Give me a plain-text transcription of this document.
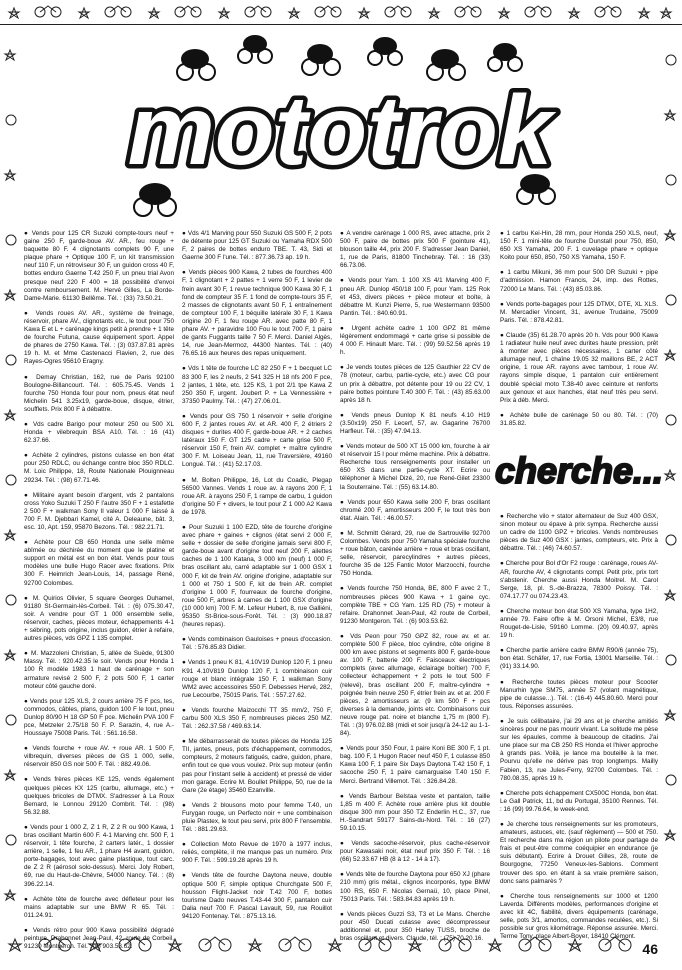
mototrok

● Vends pour 125 CR Suzuki compte-tours neuf + gaine 250 F, garde-boue AV. AR., feu rouge + baquette 80 F. 4 clignotants complets 90 F, une plaque phare + Optique 100 F, un kit transmission neuf 110 F, un rétroviseur 30 F, un guidon cross 40 F, bottes enduro Gaerne T.42 250 F, un pneu trial Avon presque neuf 220 F 400 = 18 possibilité d'envoi contre remboursement. M. Hervé Gilles, La Borde-Dame-Marie. 61130 Bellême. Tél. : (33) 73.50.21.

● Vends roues AV. AR., système de freinage, réservoir, phare AV., clignotants etc., le tout pour 750 Kawa E et L + carénage kings petit à prendre + 1 tête de fourche Futuna, cause équipement sport. Appel de phares de 2750 Kawa. Tél. : (3) 037.87.81 après 19 h. M. et Mme Castenacci Flavien, 2, rue des Rayes-Ogres 95610 Eragny.

● Demay Christian, 162, rue de Paris 92100 Boulogne-Billancourt. Tél. : 605.75.45. Vends 1 fourche 750 Honda four pour nom, pneus état neuf Michelin 541 3.25x19, garde-boue, disque, étrier, soufflets. Prix 800 F à débattre.

● Vds cadre Barigo pour moteur 250 ou 500 XL Honda + vilebrequin BSA A10. Tél. : 16 (41) 62.37.66.

● Achète 2 cylindres, pistons culasse en bon état pour 250 RDLC, ou échange contre bloc 350 RDLC. M. Loic Philippe, 18, Route Nationale Plouignneau 29234. Tél. : (98) 67.71.46.

● Militaire ayant besoin d'argent, vds 2 pantalons cross Yoko Suzuki T 250 F l'autre 350 F + 1 estafette 2 500 F + walkman Sony II valeur 1 000 F laissé à 700 F. M. Djebbari Kamel, cité A. Deleaune, bât. 3, esc. 10, Apt. 159, 95870 Bezons. Tél. : 982.21.71.

● Achète pour CB 650 Honda une selle même abîmée ou déchirée du moment que le platine et support en métal est en bon état. Vends pour tous modèles une bulle Hugo Racer avec fixations. Prix 300 F. Heimrich Jean-Louis, 14, passage René, 92700 Colombes.

● M. Quirios Olivier, 5 square Georges Duhamel, 91180 St-Germain-lès-Corbeil. Tél. : (6) 075.30.47, soir. A vendre pour GT 1 000 ensemble selle, réservoir, caches, pièces moteur, échappements 4-1 + sébring, pots origine, inclus guidon, étrier à refaire, autres pièces, vds GPZ 1 135 complet.

● M. Mazzoleni Christian, 5, allée de Suède, 91300 Massy. Tél. : 920.42.35 le soir. Vends pour Honda 1 100 R modèle 1983 1 haut de carénage + son armature revisé 2 500 F, 2 pots 500 F, 1 carter moteur côté gauche doré.

● Vends pour 125 XLS, 2 cours arrière 75 F pcs, tes, commodos, câbles, plans, guidon 100 F le tout, pneu Dunlop 80/90 H 18 GP 50 F pce. Michelin PVA 100 F pce, Metzeler 2.75/18 50 F. P. Sarazin, 4, rue A.-Houssaye 75008 Paris. Tél. : 561.16.58.

● Vends fourche + roue AV. + roue AR. 1 500 F, vilbrequin, diverses pièces de GS 1 000, selle, réservoir 850 GS noir 500 F. Tél. : 882.49.06.

● Vends frères pièces KE 125, vends également quelques pièces KX 125 (carbu, allumage, etc.) + quelques bricoles de DTMX. S'adresser à La Roux Bernard, le Lonnou 29120 Combrit. Tél. : (98) 56.32.88.

● Vends pour 1 000 Z, Z 1 R, Z 2 R ou 900 Kawa, 1 bras oscillant Martin 600 F. 4-1 Marving chr. 500 F, 1 réservoir, 1 tête fourche, 2 carters latér., 1 dossier arrière, 1 selle, 1 feu AR., 1 phare H4 avant, guidon, porte-bagages, tout avec gaine plastique, tout carc. de Z 2 R (aérosol solo-dessus). Merci. Joly Robert, 69, rue du Haut-de-Chèvre, 54000 Nancy. Tél. : (8) 396.22.14.

● Achète tête de fourche avec défleteur pour les mains adaptable sur une BMW R 65. Tél. : 011.24.91.

● Vends rétro pour 900 Kawa possibilité dégradé peinture. Drahonnet Jean-Paul, 42, route de Corbeil, 91230 Montgeron. Tél. : (6) 903.53.62.

● Vds 4/1 Marving pour 550 Suzuki GS 500 F, 2 pots de détente pour 125 GT Suzuki ou Yamaha RDX 500 F, 2 paires de bottes enduro TBE. T. 43, Sidi et Gaerne 300 F l'une. Tél. : 877.36.73 ap. 19 h.

● Vends pièces 900 Kawa, 2 tubes de fourches 400 F, 1 clignotant + 2 pattes + 1 verre 50 F, 1 levier de frein avant 30 F, 1 revue technique 900 Kawa 30 F, 1 fond de compteur 35 F. 1 fond de compte-tours 35 F, 2 masses de clignotants avant 50 F, 1 entraînement de compteur 100 F, 1 béquille latérale 30 F, 1 Kawa origine 20 F, 1 feu rouge AR. avec patte 80 F, 1 phare AV. + paravidre 100 Fou le tout 700 F, 1 paire de gants Fuggants taille 7 50 F. Merci. Daniel Algès, 14, rue Jean-Mermoz, 44300 Nantes. Tél. : (40) 76.65.16 aux heures des repas uniquement.

● Vds 1 tête de fourche LC 82 250 F + 1 becquet LC 83 300 F, les 2 neufs, 2 541 325 H 18 nfs 200 F pce, 2 jantes, 1 tête, etc. 125 KS, 1 pot 2/1 tpe Kawa Z 250 350 F, urgent. Joubert P. + La Vennessière + 37350 Paulmy. Tél. : (47) 27.06.01.

● Vends pour GS 750 1 réservoir + selle d'origine 600 F, 2 jantes roues AV. et AR. 400 F, 2 étriers 2 disques + durites 400 F, garde-boue AR. + 2 caches latéraux 150 F. GT 125 cadre + carte grise 500 F, réservoir 150 F, frein AV. complet + maître cylindre 300 F. M. Loiseau Jean, 11, rue Traversière, 49160 Longué. Tél. : (41) 52.17.03.

● M. Bolten Philippe, 16, Lot du Coadic, Plegap 56500 Vannes. Vends 1 roue av. à rayons 200 F, 1 roue AR. à rayons 250 F, 1 rampe de carbu, 1 guidon d'origine 50 F + divers, le tout pour Z 1 000 A2 Kawa de 1978.

● Pour Suzuki 1 100 EZD, tête de fourche d'origine avec phare + gaines + clignos (état servi 2 000 F, selle + dossier de selle d'origine jamais servi 800 F, garde-boue avant d'origine tout neuf 200 F, ailettes caches de 1 100 Katana, 3 000 km (neuf) 1 000 F, bras oscillant alu, carré adaptable sur 1 000 GSX 1 000 F, kit de frein AV. origine d'origine, adaptable sur 1 000 et 750 1 500 F, kit de frein AR. complet d'origine 1 000 F, fourreaux de fourche d'origine, roue 500 F, arbres à cames de 1 100 GSX d'origine (10 000 km) 700 F. M. Lefeur Hubert, 8, rue Galliéni, 95350 St-Brice-sous-Forêt. Tél. : (3) 990.18.87 (heures repas).

● Vends combinaison Gauloises + pneus d'occasion. Tél. : 576.85.83 Didier.

● Vends 1 pneu K 81, 4.10V19 Dunlop 120 F, 1 pneu K91 4.10V819 Dunlop 120 F, 1 combinaison cuir rouge et blanc intégrale 150 F, 1 walkman Sony WM2 avec accessoires 550 F. Debesses Hervé, 282, rue Lecourbe, 75015 Paris. Tél. : 557.27.62.

● Vends fourche Maizocchi TT 35 mm/2, 750 F, carbu 500 XLS 350 F, nombreuses pièces 250 MZ. Tél. : 262.37.58 / 469.63.14.

● Me débarrasserait de toutes pièces de Honda 125 TII, jantes, pneus, pots d'échappement, commodos, compteurs, 2 moteurs fatigués, cadre, guidon, phare, enfin tout ce que vous voulez. Prix sup moteur (enfin pas pour l'instant selle à accident) et pressé de vider mon garage. Ecrire M. Boullet Philippe, 50, rue de la Gare (2e étage) 35460 Ezanville.

● Vends 2 blousons moto pour femme T.40, un Furygan rouge, un Perfecto noir + une combinaison pluie Plastex, le tout peu servi, prix 800 F l'ensemble. Tél. : 881.29.63.

● Collection Moto Revue de 1970 à 1977 inclus, reliés, complète, il me manque pas un numéro. Prix 900 F. Tél. : 599.19.28 après 19 h.

● Vends tête de fourche Daytona neuve, double optique 500 F, simple optique Churchgate 500 F, housson Flight-Jacket noir T.42 700 F, bottes tourisme Dado neuves T.43-44 300 F, pantalon cuir Dalia neuf 700 F. Pascal Lavault, 59, rue Rouillot 94120 Fontenay. Tél. : 875.13.16.

● A vendre carénage 1 000 RS, avec attache, prix 2 500 F, paire de bottes prix 500 F (pointure 41), blouson taille 44, prix 200 F. S'adresser Jean Daniel, 1, rue de Paris, 81800 Tinchebray. Tél. : 16 (33) 66.73.06.

● Vends pour Yam. 1 100 XS 4/1 Marving 400 F, pneu AR. Dunlop 450/18 100 F, pour Yam. 125 Rok et 453, divers pièces + pièce moteur et boîte, à débattre M. Kunzi Pierre, 5, rue Westermann 93500 Pantin. Tél. : 840.60.91.

● Urgent achète cadre 1 100 GPZ 81 même légèrement endommagé + carte grise si possible de 4 000 F. Hinault Marc. Tél. : (99) 59.52.56 après 19 h.

● Je vends toutes pièces de 125 Gauthier 22 CV de 78 (moteur, carbu, partie-cycle, etc.) avec CG pour un prix à débattre, pot détente pour 19 ou 22 CV, 1 paire bottes pointure T.40 300 F. Tél. : (43) 85.63.00 après 18 h.

● Vends pneus Dunlop K 81 neufs 4.10 H19 (3.50x19) 250 F. Lecerf, 57, av. Gagarine 76700 Harfleur. Tél. : (35) 47.94.13.

● Vends moteur de 500 XT 15 000 km, fourche à air et réservoir 15 l pour même machine. Prix à débattre. Recherche tous renseignements pour installer un 650 XS dans une partie-cycle XT. Ecrire ou téléphoner à Michel Dizé, 20, rue René-Gilet 23300 la Souterraine. Tél. : (55) 63.14.80.

● Vends pour 650 Kawa selle 200 F, bras oscillant chromé 200 F, amortisseurs 200 F, le tout très bon état. Alain. Tél. : 46.00.57.

● M. Schmitt Gérard, 29, rue de Sartrouville 92700 Colombes. Vends pour 750 Yamaha spéciale fourche + roue bâton, carénée arrière + roue et bras oscillant, selle, réservoir, parecylindres + autres pièces, fourche 35 de 125 Fantic Motor Marzocchi, fourche 750 Honda.

● Vends fourche 750 Honda, BE, 800 F avec 2 T., nombreuses pièces 900 Kawa + 1 gaine cyc. complète TBE + CG Yam. 125 RD (75) + moteur à refaire. Drahonnet Jean-Paul, 42 route de Corbeil, 91230 Montgeron. Tél. : (6) 903.53.62.

● Vds Peon pour 750 GPZ 82, roue av. et ar. complète 500 F pièce, bloc cylindre, côte origine 8 000 km avec pistons et segments 800 F, garde-boue av. 100 F, batterie 200 F. Faisceaux électriques complets (avec allumage, éclairage boîtier) 700 F, collecteur échappement + 2 pots le tout 500 F (relevé), bras oscillant 200 F, maître-cylindre + poignée frein neuve 250 F, étrier frein av. et ar. 200 F pièces, 2 amortisseurs ar. (9 km 500 F + pcs diverses à la demande, joints etc. Combinaisons cuir neuve rouge pat. noire et blanche 1,75 m (800 F). Tél. : (3) 976.02.88 (midi et soir jusqu'à 24-12 au 1-1-84).

● Vends pour 350 Four, 1 paire Koni BE 300 F, 1 pt. bag. 100 F, 1 Hugon Racer neuf 450 F, 1 culasse 850 Kawa 100 F, 1 paire Six Days Daytona T.42 150 F, 1 sacoche 250 F, 1 paire camarguaise T.40 150 F. Merci. Bertrand Villemot. Tél. : 326.84.28.

● Vends Barbour Belstaa veste et pantalon, taille 1,85 m 400 F. Achète roue arrière plus kit double disque 300 mm pour 350 TZ Enderlin H.C., 37, rue H.-Sandrart 59177 Sains-du-Nord. Tél. : 16 (27) 59.10.15.

● Vends sacoche-réservoir, plus cache-réservoir pour Kawasaki noir, état neuf prix 350 F. Tél. : 16 (66) 52.33.67 HB (8 à 12 - 14 à 17).

● Vends tête de fourche Daytona pour 650 XJ (phare 210 mm) gris métal., clignos incorporés, type BMW 100 RS, 650 F. Nicolas Gernaü, 10, place Pinel, 75013 Paris. Tél. : 583.84.83 après 19 h.

● Vends pièces Guzzi S3, T3 et Le Mans. Cherche pour 450 Ducati culasse avec décompresseur additionnel et, pour 350 Harley TUSS, broche de bras oscillant et divers. Claude, tél. : (75) 70.20.16.

● 1 carbu Kei-Hin, 28 mm, pour Honda 250 XLS, neuf, 150 F. 1 mini-tête de fourche Dunstall pour 750, 850, 650 XS Yamaha, 200 F. 1 cuvelage phare + optique Koito pour 650, 850, 750 XS Yamaha, 150 F.

● 1 carbu Mikuni, 36 mm pour 500 DR Suzuki + pipe d'admission. Hamon Francis, 24, imp. des Rottes, 72000 Le Mans. Tél. : (43) 85.03.86.

● Vends porte-bagages pour 125 DTMX, DTE, XL XLS. M. Mercadier Vincent, 31, avenue Trudaine, 75009 Paris. Tél. : 878.42.81.

● Claude (35) 61.28.70 après 20 h. Vds pour 900 Kawa 1 radiateur huile neuf avec durites haute pression, prêt à monter avec pièces nécessaires, 1 carter côté allumage neuf, 1 chaîne 19.05 32 maillons BE, 2 ACT origine, 1 roue AR. rayons avec tambour, 1 roue AV. rayons simple disque, 1 pantalon cuir entièrement doublé spécial moto T.38-40 avec ceinture et renforts aux genoux et aux hanches, état neuf très peu servi. Prix à déb. Merci.

● Achète bulle de carénage 50 ou 80. Tél. : (70) 31.85.82.

cherche...

● Recherche vilo + stator alternateur de Suz 400 GSX, sinon moteur ou épave à prix sympa. Recherche aussi un cadre de 1100 GPZ + bricoles. Vends nombreuses pièces de Suz 400 GSX : jantes, compteurs, etc. Prix à débattre. Tél. : (46) 74.60.57.

● Cherche pour Bol d'Or F2 rouge : carénage, roues AV-AR, fourche AV, 4 clignotants compl. Petit prix, prix tort s'abstenir. Cherche aussi Honda Moitrel. M. Carol Serge, 18, pl. S.-de-Brazza, 78300 Poissy. Tél. : 074.17.77 ou 074.23.43.

● Cherche moteur bon état 500 XS Yamaha, type 1H2, année 79. Faire offre à M. Orsoni Michel, E3/8, rue Rouget-de-Lisle, 59160 Lomme. (20) 09.40.97, après 19 h.

● Cherche partie arrière cadre BMW R90/6 (année 75), bon état. Schäfer, 17, rue Fortia, 13001 Marseille. Tél. : (91) 33.14.90.

● Recherche toutes pièces moteur pour Scooter Manurhin type SM75, année 57 (volant magnétique, pipe de culasse...). Tél. : (16-4) 445.80.60. Merci pour tous. Réponses assurées.

● Je suis célibataire, j'ai 29 ans et je cherche amitiés sincères pour ne pas mourir vivant. La solitude me pèse sur les épaules, comme à beaucoup de citadins. J'ai une place sur ma CB 250 RS Honda et l'hiver approche à grands pas. Voilà, je lance ma bouteille à la mer. Pourvu qu'elle ne dérive pas trop longtemps. Mailly Fabien, 13, rue Jules-Ferry, 92700 Colombes. Tél. : 780.08.35, après 19 h.

● Cherche pots échappement CX500C Honda, bon état. Le Gall Patrick, 11, bd du Portugal, 35100 Rennes. Tél. : 16 (99) 99.76.64, le week-end.

● Je cherche tous renseignements sur les promoteurs, amateurs, astuces, etc. (sauf règlement) — 500 et 750. Et recherche dans ma région un pilote pour partage de frais et peut-être comme coéquipier en endurance (je suis débutant). Ecrire à Drouet Gilles, 28, route de Bourgogne, 77250 Veneux-les-Sablons. Comment trouver des spo. en étant à sa vraie première saison, donc sans palmarès ?

● Cherche tous renseignements sur 1000 et 1200 Laverda. Différents modèles, performances d'origine et avec kit 4C, fiabilité, divers équipements (carénage, selle, pots 3/1, amortos, commandes reculées, etc.). Si possible sur gros kilométrage. Réponse assurée. Merci. Terme Tony, place Albert-Boyer, 18410 Clémont.

46
